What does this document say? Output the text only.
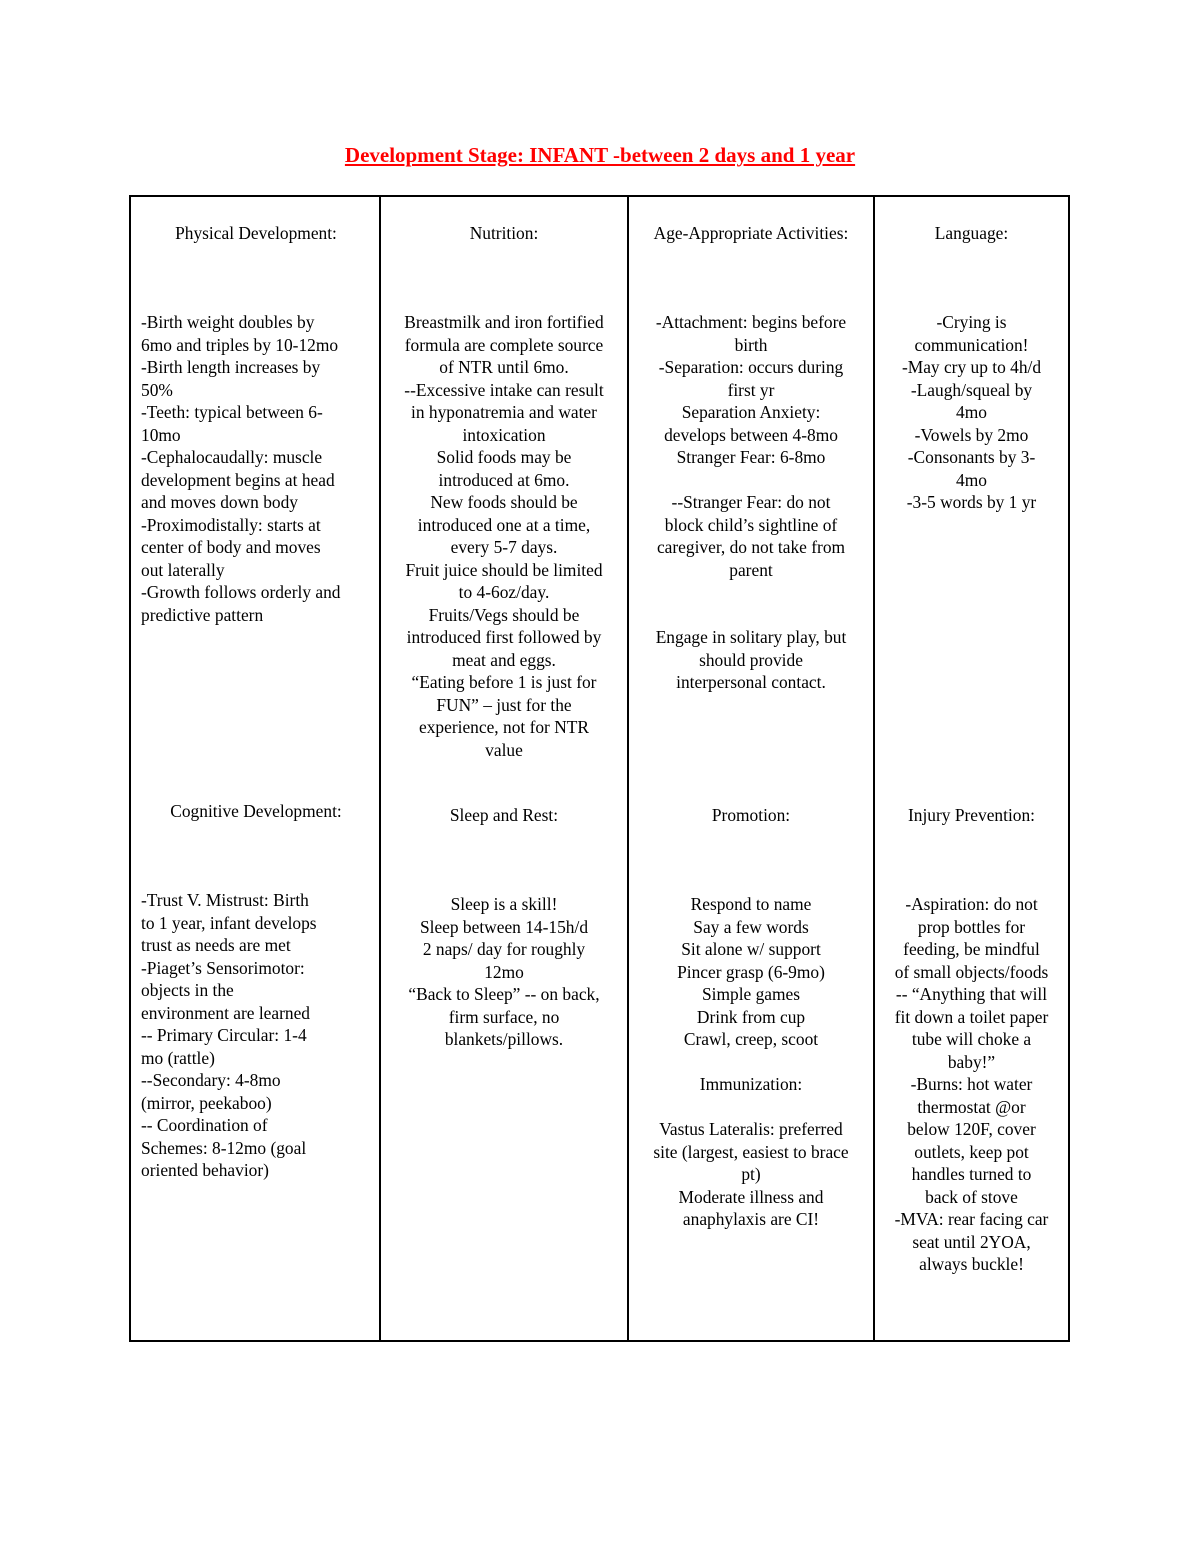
Development Stage: INFANT -between 2 days and 1 year

Physical Development:

-Birth weight doubles by
6mo and triples by 10-12mo
-Birth length increases by
50%
-Teeth: typical between 6-
10mo
-Cephalocaudally: muscle
development begins at head
and moves down body
-Proximodistally: starts at
center of body and moves
out laterally
-Growth follows orderly and
predictive pattern

Nutrition:

Breastmilk and iron fortified
formula are complete source
of NTR until 6mo.
--Excessive intake can result
in hyponatremia and water
intoxication
Solid foods may be
introduced at 6mo.
New foods should be
introduced one at a time,
every 5-7 days.
Fruit juice should be limited
to 4-6oz/day.
Fruits/Vegs should be
introduced first followed by
meat and eggs.
“Eating before 1 is just for
FUN” – just for the
experience, not for NTR
value

Age-Appropriate Activities:

-Attachment: begins before
birth
-Separation: occurs during
first yr
Separation Anxiety:
develops between 4-8mo
Stranger Fear: 6-8mo

--Stranger Fear: do not
block child’s sightline of
caregiver, do not take from
parent

Engage in solitary play, but
should provide
interpersonal contact.

Language:

-Crying is
communication!
-May cry up to 4h/d
-Laugh/squeal by
4mo
-Vowels by 2mo
-Consonants by 3-
4mo
-3-5 words by 1 yr

Cognitive Development:

-Trust V. Mistrust: Birth
to 1 year, infant develops
trust as needs are met
-Piaget’s Sensorimotor:
objects in the
environment are learned
-- Primary Circular: 1-4
mo (rattle)
--Secondary: 4-8mo
(mirror, peekaboo)
-- Coordination of
Schemes: 8-12mo (goal
oriented behavior)

Sleep and Rest:

Sleep is a skill!
Sleep between 14-15h/d
2 naps/ day for roughly
12mo
“Back to Sleep” -- on back,
firm surface, no
blankets/pillows.

Promotion:

Respond to name
Say a few words
Sit alone w/ support
Pincer grasp (6-9mo)
Simple games
Drink from cup
Crawl, creep, scoot

Immunization:

Vastus Lateralis: preferred
site (largest, easiest to brace
pt)
Moderate illness and
anaphylaxis are CI!

Injury Prevention:

-Aspiration: do not
prop bottles for
feeding, be mindful
of small objects/foods
-- “Anything that will
fit down a toilet paper
tube will choke a
baby!”
-Burns: hot water
thermostat @or
below 120F, cover
outlets, keep pot
handles turned to
back of stove
-MVA: rear facing car
seat until 2YOA,
always buckle!
